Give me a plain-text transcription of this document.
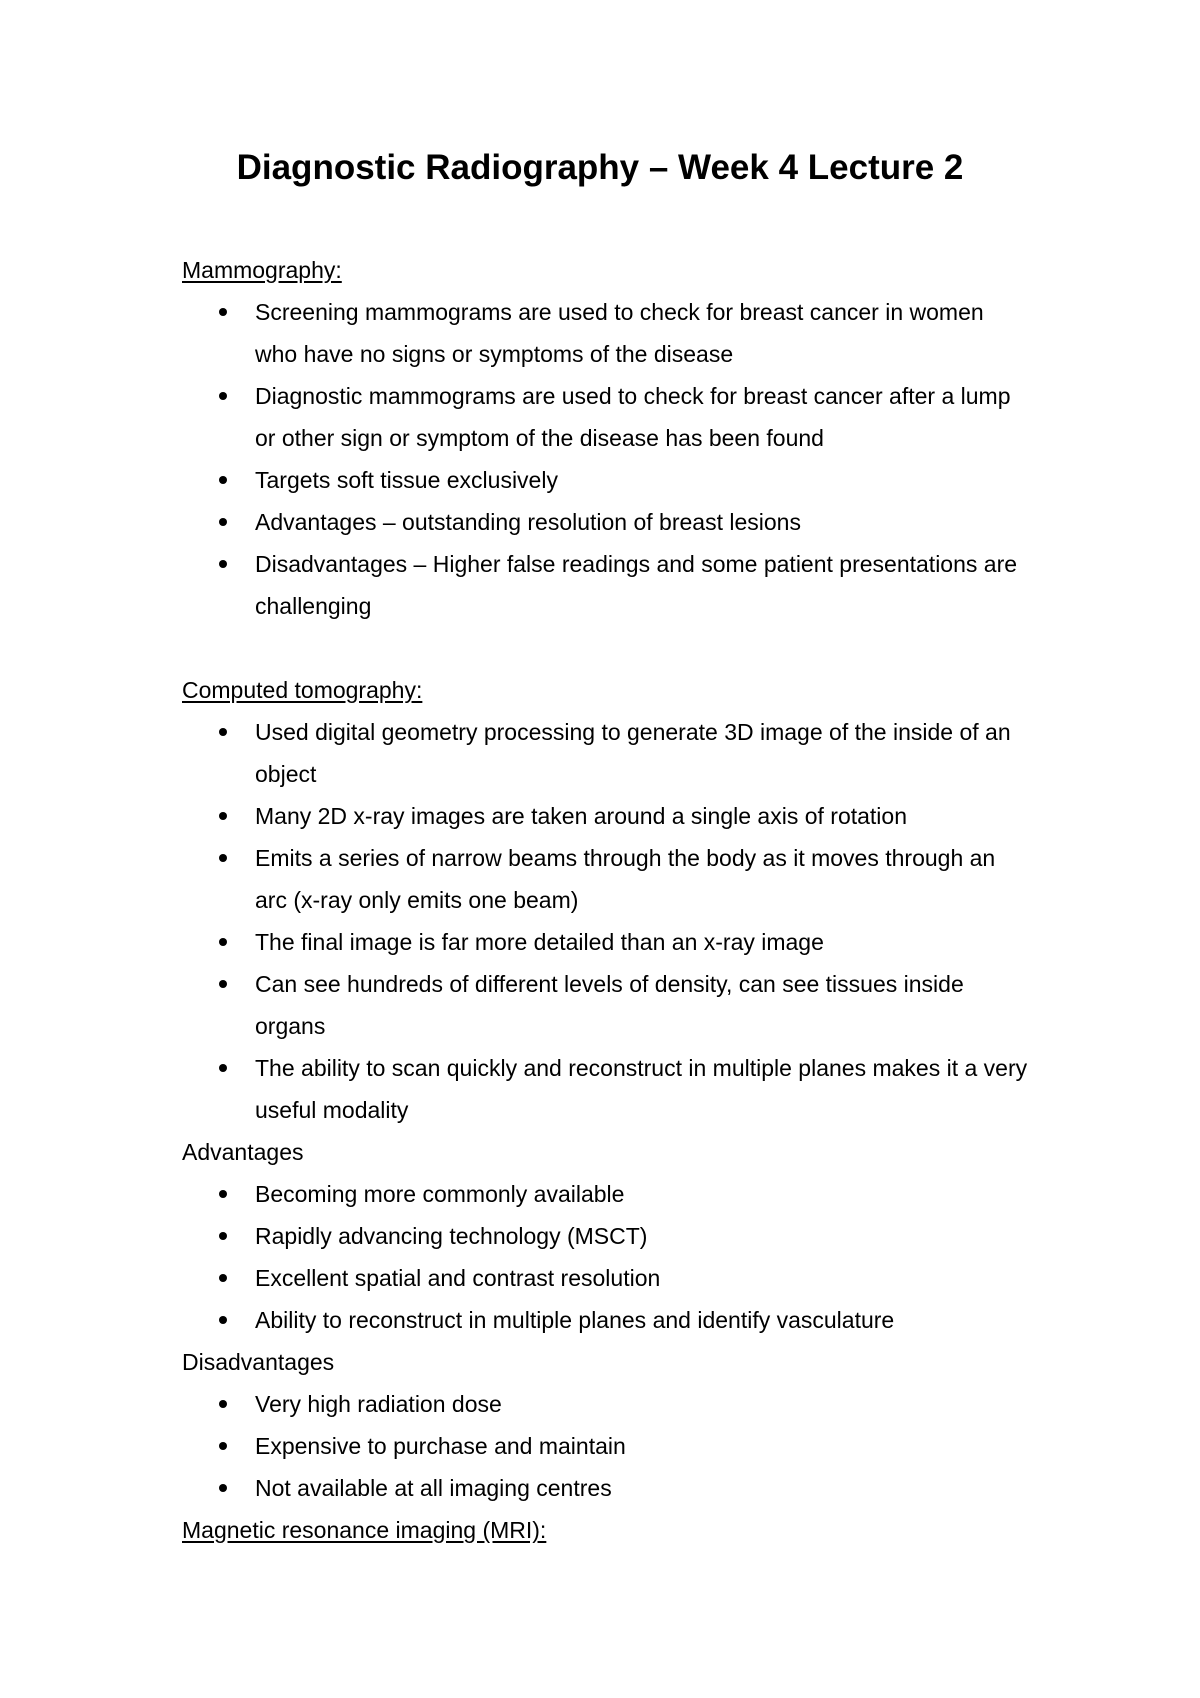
Diagnostic Radiography – Week 4 Lecture 2
Mammography:
Screening mammograms are used to check for breast cancer in women who have no signs or symptoms of the disease
Diagnostic mammograms are used to check for breast cancer after a lump or other sign or symptom of the disease has been found
Targets soft tissue exclusively
Advantages – outstanding resolution of breast lesions
Disadvantages – Higher false readings and some patient presentations are challenging
Computed tomography:
Used digital geometry processing to generate 3D image of the inside of an object
Many 2D x-ray images are taken around a single axis of rotation
Emits a series of narrow beams through the body as it moves through an arc (x-ray only emits one beam)
The final image is far more detailed than an x-ray image
Can see hundreds of different levels of density, can see tissues inside organs
The ability to scan quickly and reconstruct in multiple planes makes it a very useful modality
Advantages
Becoming more commonly available
Rapidly advancing technology (MSCT)
Excellent spatial and contrast resolution
Ability to reconstruct in multiple planes and identify vasculature
Disadvantages
Very high radiation dose
Expensive to purchase and maintain
Not available at all imaging centres
Magnetic resonance imaging (MRI):
